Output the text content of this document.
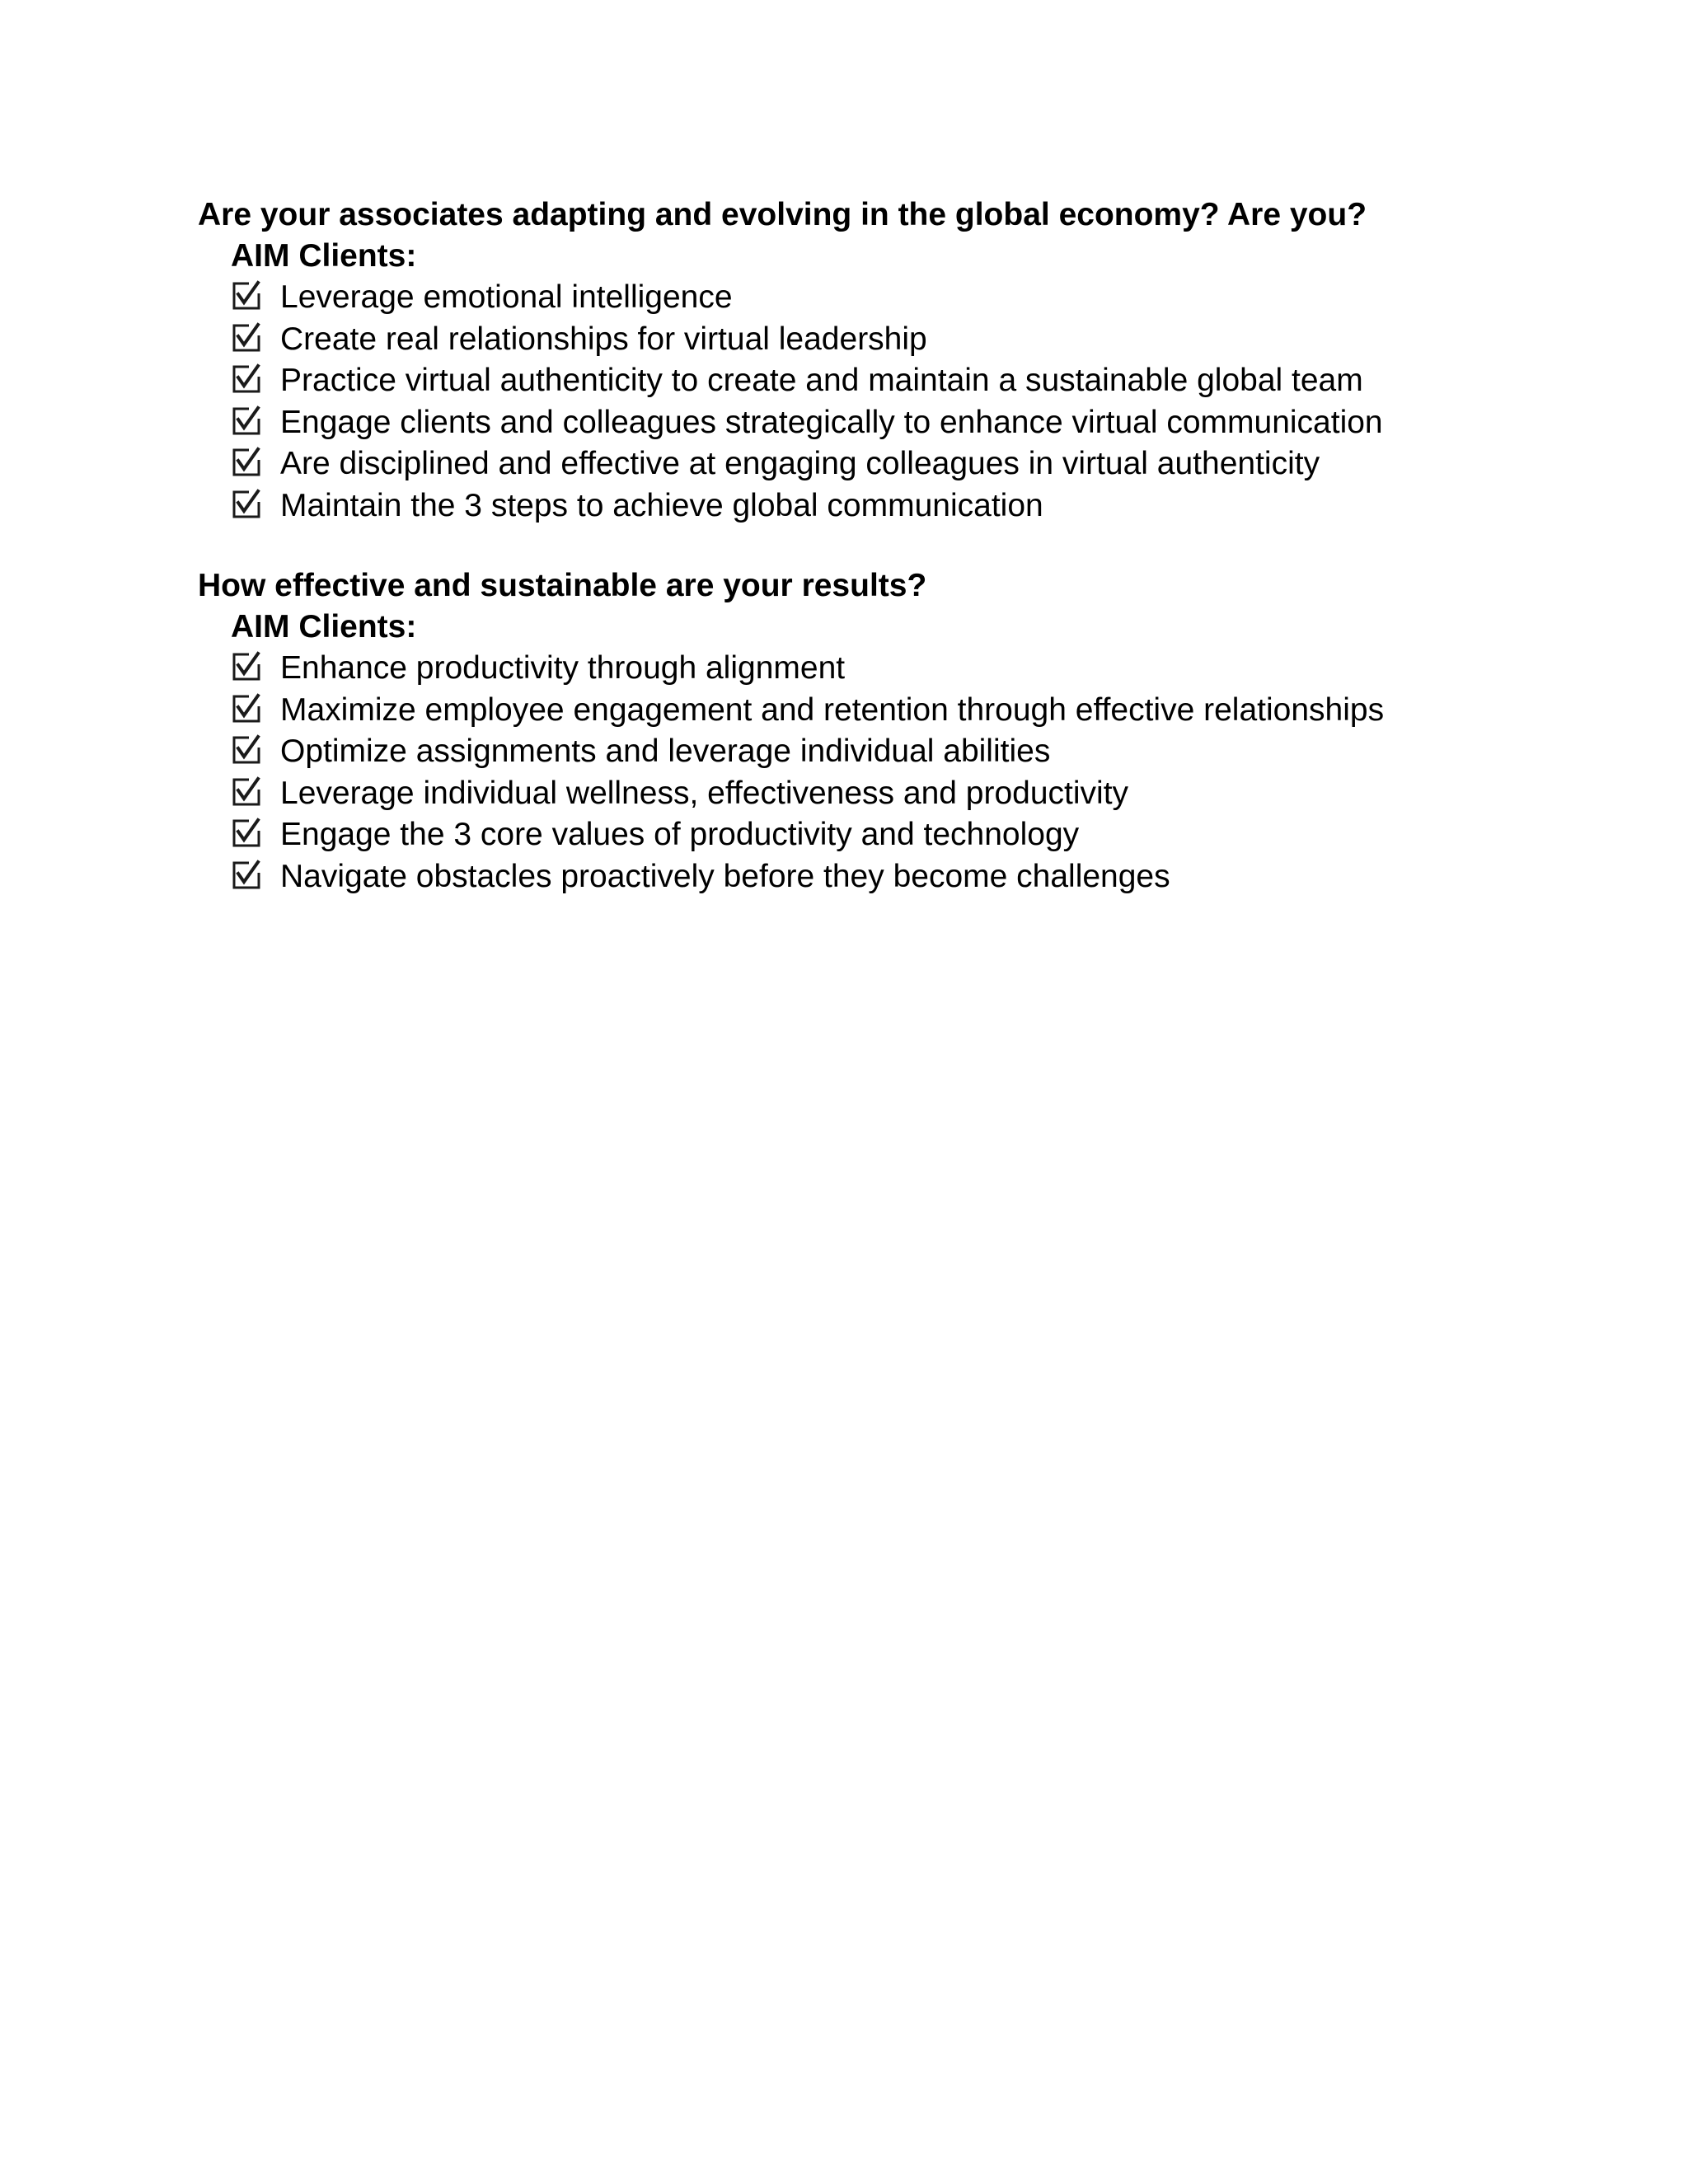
Are your associates adapting and evolving in the global economy? Are you?

AIM Clients:

Leverage emotional intelligence
Create real relationships for virtual leadership
Practice virtual authenticity to create and maintain a sustainable global team
Engage clients and colleagues strategically to enhance virtual communication
Are disciplined and effective at engaging colleagues in virtual authenticity
Maintain the 3 steps to achieve global communication

How effective and sustainable are your results?

AIM Clients:

Enhance productivity through alignment
Maximize employee engagement and retention through effective relationships
Optimize assignments and leverage individual abilities
Leverage individual wellness, effectiveness and productivity
Engage the 3 core values of productivity and technology
Navigate obstacles proactively before they become challenges
